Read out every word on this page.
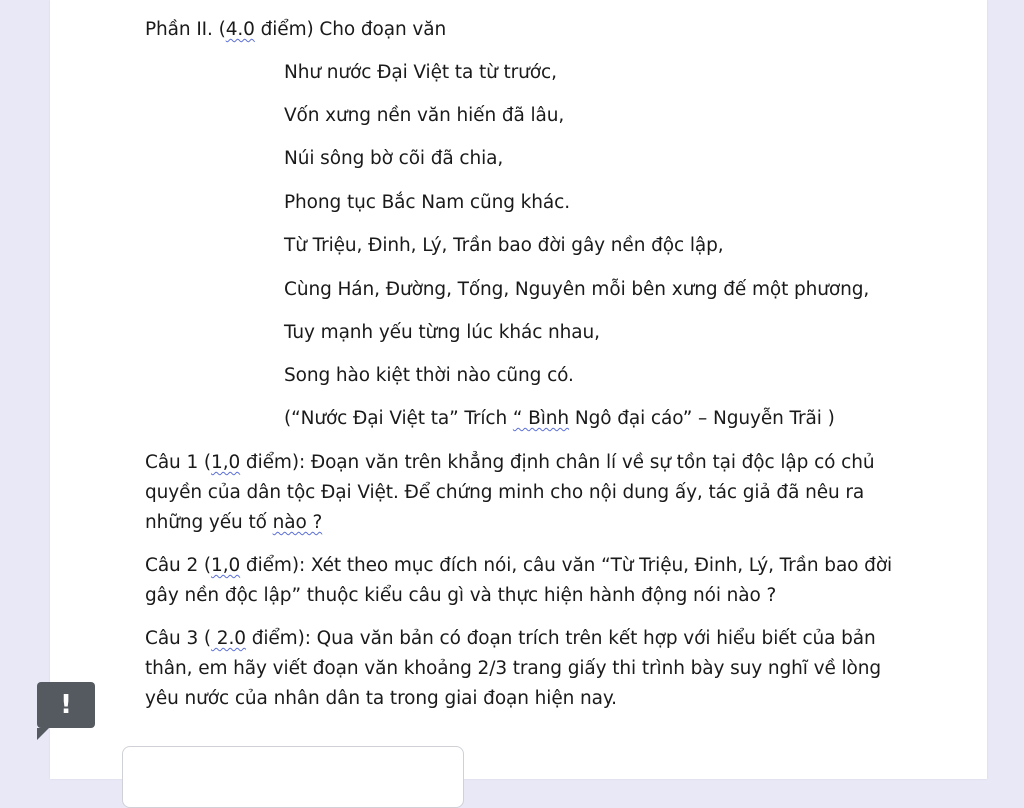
Phần II. (4.0 điểm) Cho đoạn văn
Như nước Đại Việt ta từ trước,
Vốn xưng nền văn hiến đã lâu,
Núi sông bờ cõi đã chia,
Phong tục Bắc Nam cũng khác.
Từ Triệu, Đinh, Lý, Trần bao đời gây nền độc lập,
Cùng Hán, Đường, Tống, Nguyên mỗi bên xưng đế một phương,
Tuy mạnh yếu từng lúc khác nhau,
Song hào kiệt thời nào cũng có.
(“Nước Đại Việt ta” Trích “ Bình Ngô đại cáo” – Nguyễn Trãi )
Câu 1 (1,0 điểm): Đoạn văn trên khẳng định chân lí về sự tồn tại độc lập có chủ quyền của dân tộc Đại Việt. Để chứng minh cho nội dung ấy, tác giả đã nêu ra những yếu tố nào ?
Câu 2 (1,0 điểm): Xét theo mục đích nói, câu văn “Từ Triệu, Đinh, Lý, Trần bao đời gây nền độc lập” thuộc kiểu câu gì và thực hiện hành động nói nào ?
Câu 3 ( 2.0 điểm): Qua văn bản có đoạn trích trên kết hợp với hiểu biết của bản thân, em hãy viết đoạn văn khoảng 2/3 trang giấy thi trình bày suy nghĩ về lòng yêu nước của nhân dân ta trong giai đoạn hiện nay.
!
